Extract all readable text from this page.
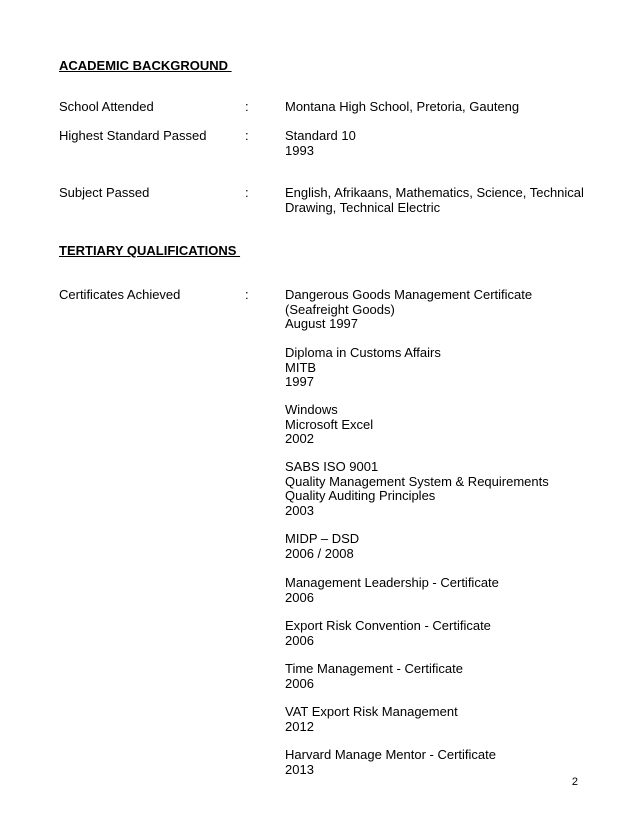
ACADEMIC BACKGROUND
School Attended	:	Montana High School, Pretoria, Gauteng
Highest Standard Passed	:	Standard 10
1993
Subject Passed	:	English, Afrikaans, Mathematics, Science, Technical
Drawing, Technical Electric
TERTIARY QUALIFICATIONS
Certificates Achieved	:	Dangerous Goods Management Certificate
(Seafreight Goods)
August 1997
Diploma in Customs Affairs
MITB
1997
Windows
Microsoft Excel
2002
SABS ISO 9001
Quality Management System & Requirements
Quality Auditing Principles
2003
MIDP – DSD
2006 / 2008
Management Leadership - Certificate
2006
Export Risk Convention - Certificate
2006
Time Management - Certificate
2006
VAT Export Risk Management
2012
Harvard Manage Mentor - Certificate
2013
2
